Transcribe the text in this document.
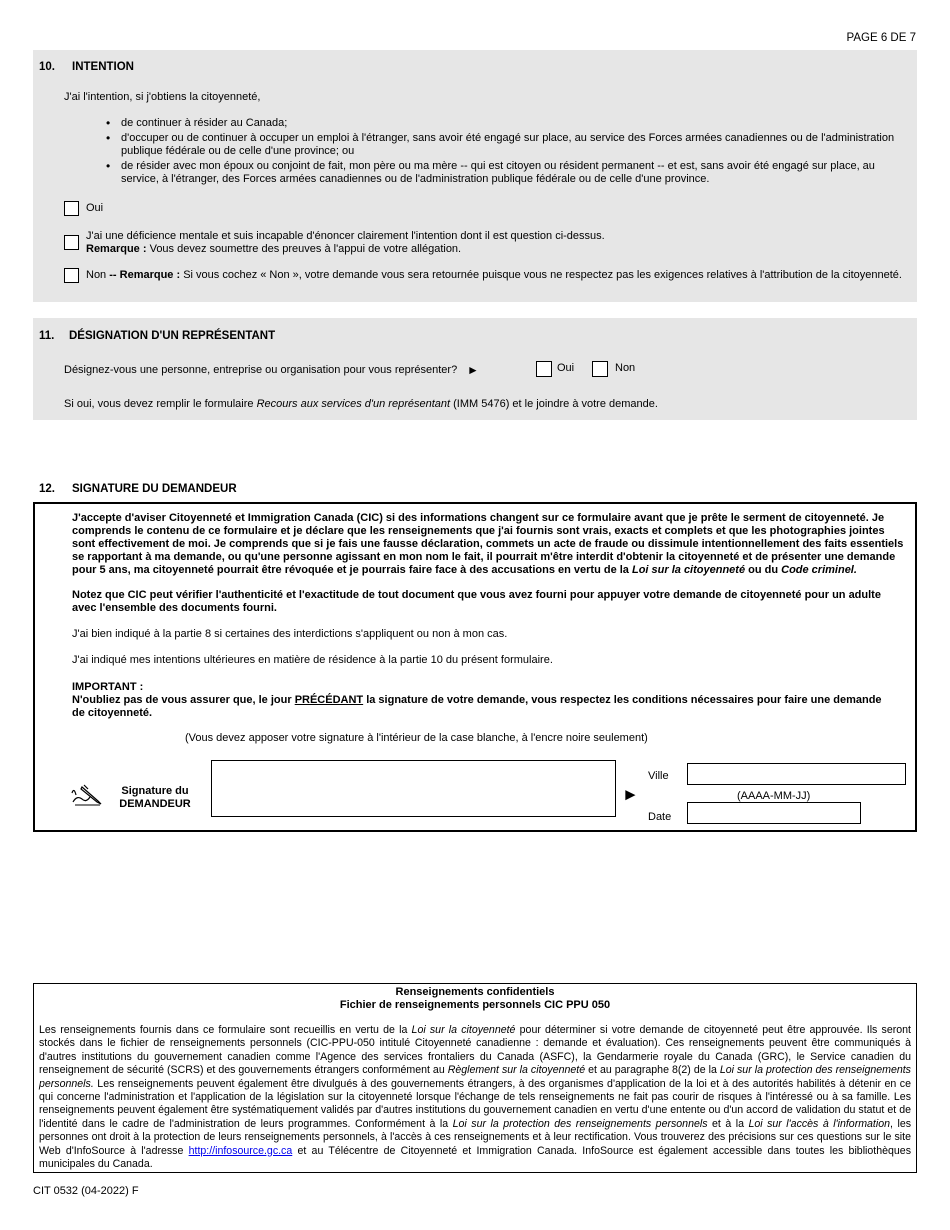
PAGE 6 DE 7
10. INTENTION
J'ai l'intention, si j'obtiens la citoyenneté,
• de continuer à résider au Canada;
• d'occuper ou de continuer à occuper un emploi à l'étranger, sans avoir été engagé sur place, au service des Forces armées canadiennes ou de l'administration publique fédérale ou de celle d'une province; ou
• de résider avec mon époux ou conjoint de fait, mon père ou ma mère -- qui est citoyen ou résident permanent -- et est, sans avoir été engagé sur place, au service, à l'étranger, des Forces armées canadiennes ou de l'administration publique fédérale ou de celle d'une province.
Oui
J'ai une déficience mentale et suis incapable d'énoncer clairement l'intention dont il est question ci-dessus.
Remarque : Vous devez soumettre des preuves à l'appui de votre allégation.
Non -- Remarque : Si vous cochez « Non », votre demande vous sera retournée puisque vous ne respectez pas les exigences relatives à l'attribution de la citoyenneté.
11. DÉSIGNATION D'UN REPRÉSENTANT
Désignez-vous une personne, entreprise ou organisation pour vous représenter? ►	Oui	Non
Si oui, vous devez remplir le formulaire Recours aux services d'un représentant (IMM 5476) et le joindre à votre demande.
12. SIGNATURE DU DEMANDEUR
J'accepte d'aviser Citoyenneté et Immigration Canada (CIC) si des informations changent sur ce formulaire avant que je prête le serment de citoyenneté. Je comprends le contenu de ce formulaire et je déclare que les renseignements que j'ai fournis sont vrais, exacts et complets et que les photographies jointes sont effectivement de moi. Je comprends que si je fais une fausse déclaration, commets un acte de fraude ou dissimule intentionnellement des faits essentiels se rapportant à ma demande, ou qu'une personne agissant en mon nom le fait, il pourrait m'être interdit d'obtenir la citoyenneté et de présenter une demande pour 5 ans, ma citoyenneté pourrait être révoquée et je pourrais faire face à des accusations en vertu de la Loi sur la citoyenneté ou du Code criminel.
Notez que CIC peut vérifier l'authenticité et l'exactitude de tout document que vous avez fourni pour appuyer votre demande de citoyenneté pour un adulte avec l'ensemble des documents fourni.
J'ai bien indiqué à la partie 8 si certaines des interdictions s'appliquent ou non à mon cas.
J'ai indiqué mes intentions ultérieures en matière de résidence à la partie 10 du présent formulaire.
IMPORTANT :
N'oubliez pas de vous assurer que, le jour PRÉCÉDANT la signature de votre demande, vous respectez les conditions nécessaires pour faire une demande de citoyenneté.
(Vous devez apposer votre signature à l'intérieur de la case blanche, à l'encre noire seulement)
Signature du
DEMANDEUR	►
Ville
(AAAA-MM-JJ)
Date
Renseignements confidentiels
Fichier de renseignements personnels CIC PPU 050
Les renseignements fournis dans ce formulaire sont recueillis en vertu de la Loi sur la citoyenneté pour déterminer si votre demande de citoyenneté peut être approuvée. Ils seront stockés dans le fichier de renseignements personnels (CIC-PPU-050 intitulé Citoyenneté canadienne : demande et évaluation). Ces renseignements peuvent être communiqués à d'autres institutions du gouvernement canadien comme l'Agence des services frontaliers du Canada (ASFC), la Gendarmerie royale du Canada (GRC), le Service canadien du renseignement de sécurité (SCRS) et des gouvernements étrangers conformément au Règlement sur la citoyenneté et au paragraphe 8(2) de la Loi sur la protection des renseignements personnels. Les renseignements peuvent également être divulgués à des gouvernements étrangers, à des organismes d'application de la loi et à des autorités habilités à détenir en ce qui concerne l'administration et l'application de la législation sur la citoyenneté lorsque l'échange de tels renseignements ne fait pas courir de risques à l'intéressé ou à sa famille. Les renseignements peuvent également être systématiquement validés par d'autres institutions du gouvernement canadien en vertu d'une entente ou d'un accord de validation du statut et de l'identité dans le cadre de l'administration de leurs programmes. Conformément à la Loi sur la protection des renseignements personnels et à la Loi sur l'accès à l'information, les personnes ont droit à la protection de leurs renseignements personnels, à l'accès à ces renseignements et à leur rectification. Vous trouverez des précisions sur ces questions sur le site Web d'InfoSource à l'adresse http://infosource.gc.ca et au Télécentre de Citoyenneté et Immigration Canada. InfoSource est également accessible dans toutes les bibliothèques municipales du Canada.
CIT 0532 (04-2022) F
